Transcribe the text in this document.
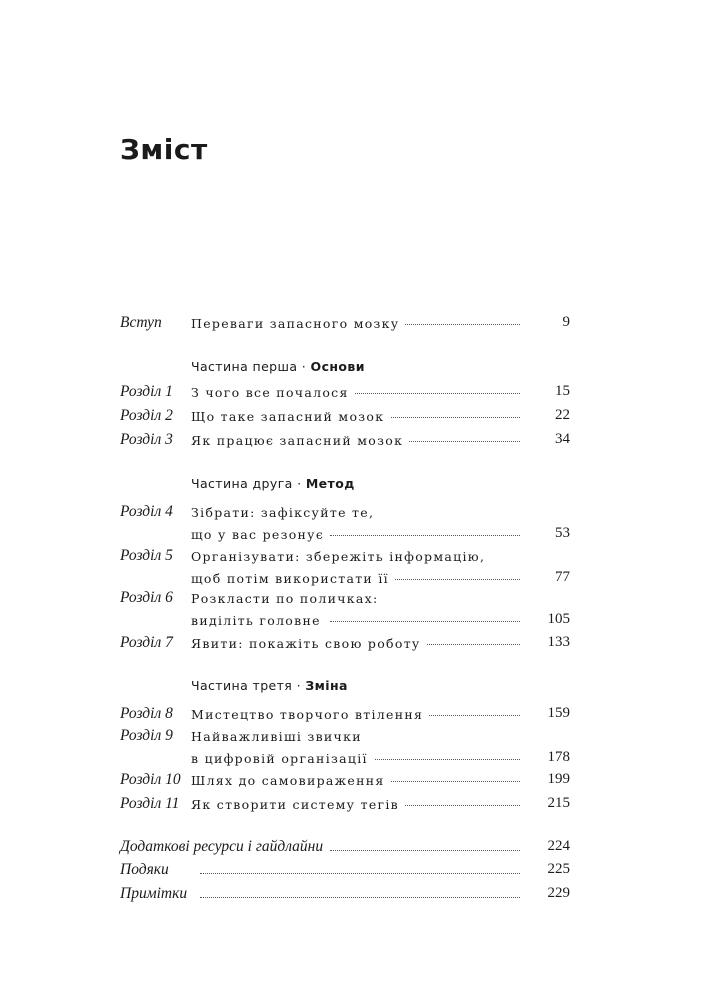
Зміст
Вступ Переваги запасного мозку	9
Частина перша · Основи
Розділ 1 З чого все почалося	15
Розділ 2 Що таке запасний мозок	22
Розділ 3 Як працює запасний мозок	34
Частина друга · Метод
Розділ 4 Зібрати: зафіксуйте те,
що у вас резонує	53
Розділ 5 Організувати: збережіть інформацію,
щоб потім використати її	77
Розділ 6 Розкласти по поличках:
виділіть головне	105
Розділ 7 Явити: покажіть свою роботу	133
Частина третя · Зміна
Розділ 8 Мистецтво творчого втілення	159
Розділ 9 Найважливіші звички
в цифровій організації	178
Розділ 10 Шлях до самовираження	199
Розділ 11 Як створити систему тегів	215
Додаткові ресурси і гайдлайни	224
Подяки	225
Примітки	229
